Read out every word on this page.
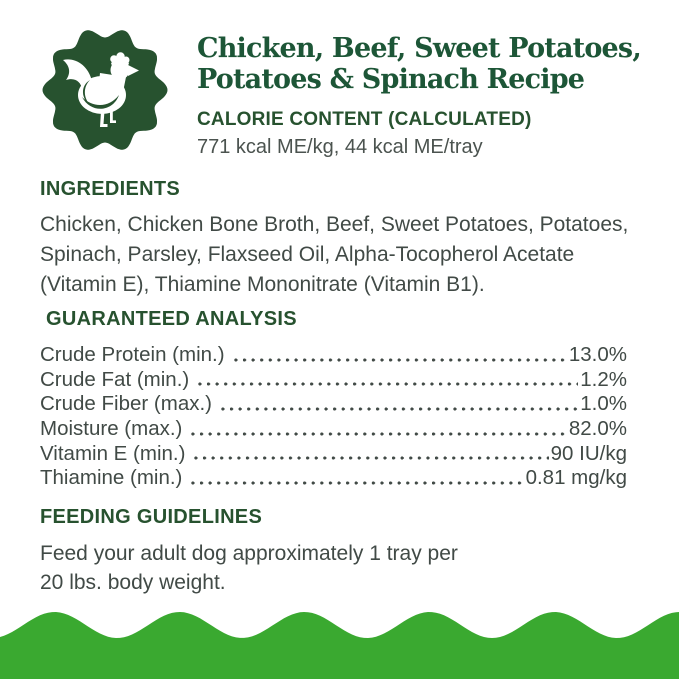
Chicken, Beef, Sweet Potatoes,
Potatoes & Spinach Recipe
CALORIE CONTENT (CALCULATED)
771 kcal ME/kg, 44 kcal ME/tray
INGREDIENTS

Chicken, Chicken Bone Broth, Beef, Sweet Potatoes, Potatoes, Spinach, Parsley, Flaxseed Oil, Alpha-Tocopherol Acetate (Vitamin E), Thiamine Mononitrate (Vitamin B1).

GUARANTEED ANALYSIS
Crude Protein (min.)	13.0%
Crude Fat (min.)	1.2%
Crude Fiber (max.)	1.0%
Moisture (max.)	82.0%
Vitamin E (min.)	90 IU/kg
Thiamine (min.)	0.81 mg/kg
FEEDING GUIDELINES

Feed your adult dog approximately 1 tray per
20 lbs. body weight.
